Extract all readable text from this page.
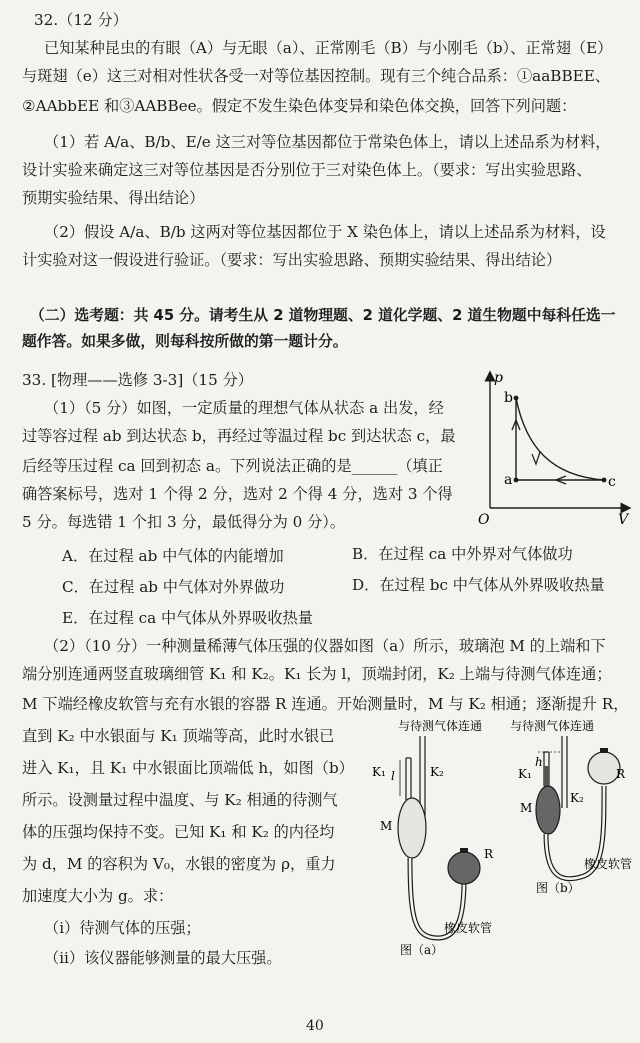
32.（12 分）
已知某种昆虫的有眼（A）与无眼（a）、正常刚毛（B）与小刚毛（b）、正常翅（E）
与斑翅（e）这三对相对性状各受一对等位基因控制。现有三个纯合品系：①aaBBEE、
②AAbbEE 和③AABBee。假定不发生染色体变异和染色体交换，回答下列问题：
（1）若 A/a、B/b、E/e 这三对等位基因都位于常染色体上，请以上述品系为材料，
设计实验来确定这三对等位基因是否分别位于三对染色体上。（要求：写出实验思路、
预期实验结果、得出结论）
（2）假设 A/a、B/b 这两对等位基因都位于 X 染色体上，请以上述品系为材料，设
计实验对这一假设进行验证。（要求：写出实验思路、预期实验结果、得出结论）
（二）选考题：共 45 分。请考生从 2 道物理题、2 道化学题、2 道生物题中每科任选一
题作答。如果多做，则每科按所做的第一题计分。
33. [物理——选修 3-3]（15 分）
（1）（5 分）如图，一定质量的理想气体从状态 a 出发，经
过等容过程 ab 到达状态 b，再经过等温过程 bc 到达状态 c，最
后经等压过程 ca 回到初态 a。下列说法正确的是______（填正
确答案标号，选对 1 个得 2 分，选对 2 个得 4 分，选对 3 个得
5 分。每选错 1 个扣 3 分，最低得分为 0 分）。
A．在过程 ab 中气体的内能增加	B．在过程 ca 中外界对气体做功
C．在过程 ab 中气体对外界做功	D．在过程 bc 中气体从外界吸收热量
E．在过程 ca 中气体从外界吸收热量
（2）（10 分）一种测量稀薄气体压强的仪器如图（a）所示，玻璃泡 M 的上端和下
端分别连通两竖直玻璃细管 K₁ 和 K₂。K₁ 长为 l，顶端封闭，K₂ 上端与待测气体连通；
M 下端经橡皮软管与充有水银的容器 R 连通。开始测量时，M 与 K₂ 相通；逐渐提升 R，
直到 K₂ 中水银面与 K₁ 顶端等高，此时水银已
进入 K₁，且 K₁ 中水银面比顶端低 h，如图（b）
所示。设测量过程中温度、与 K₂ 相通的待测气
体的压强均保持不变。已知 K₁ 和 K₂ 的内径均
为 d，M 的容积为 V₀，水银的密度为 ρ，重力
加速度大小为 g。求：
（i）待测气体的压强；
（ii）该仪器能够测量的最大压强。
p
V
O
b
a	c
与待测气体连通
l
K₁	K₂
M
R
橡皮软管
图（a）
与待测气体连通
h
K₁
K₂
M
R
橡皮软管
图（b）
40
